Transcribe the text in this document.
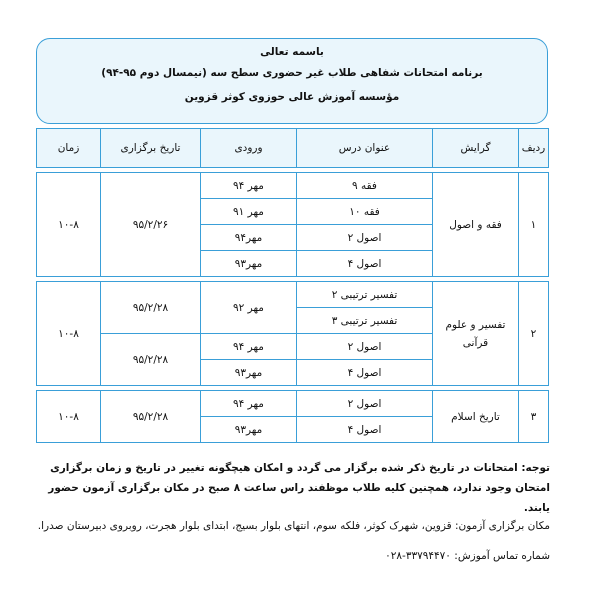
باسمه تعالی
برنامه امتحانات شفاهی طلاب غیر حضوری سطح سه (نیمسال دوم ۹۵-۹۴)
مؤسسه آموزش عالی حوزوی کوثر قزوین
ردیف	گرایش	عنوان درس	ورودی	تاریخ برگزاری	زمان

۱	فقه و اصول	فقه ۹	مهر ۹۴	۹۵/۲/۲۶	۱۰-۸
		فقه ۱۰	مهر ۹۱		
		اصول ۲	مهر۹۴		
		اصول ۴	مهر۹۳		

۲	تفسیر و علوم
قرآنی	تفسیر ترتیبی ۲	مهر ۹۲	۹۵/۲/۲۸	۱۰-۸
		تفسیر ترتیبی ۳			
		اصول ۲	مهر ۹۴	۹۵/۲/۲۸	
		اصول ۴	مهر۹۳		

۳	تاریخ اسلام	اصول ۲	مهر ۹۴	۹۵/۲/۲۸	۱۰-۸
		اصول ۴	مهر۹۳		
توجه: امتحانات در تاریخ ذکر شده برگزار می گردد و امکان هیچگونه تغییر در تاریخ و زمان برگزاری امتحان وجود ندارد، همچنین کلیه طلاب موظفند راس ساعت ۸ صبح در مکان برگزاری آزمون حضور یابند.
مکان برگزاری آزمون: قزوین، شهرک کوثر، فلکه سوم، انتهای بلوار بسیج، ابتدای بلوار هجرت، روبروی دبیرستان صدرا.
شماره تماس آموزش: ۳۳۷۹۴۴۷۰-۰۲۸
